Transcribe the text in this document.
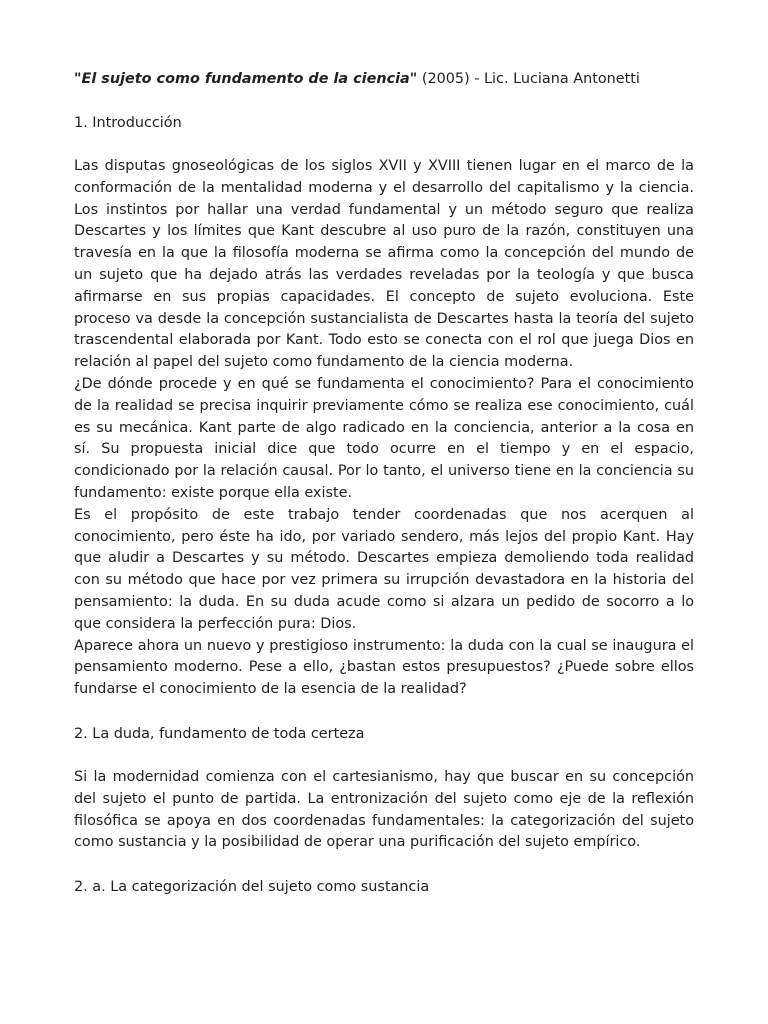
"El sujeto como fundamento de la ciencia" (2005) - Lic. Luciana Antonetti

1. Introducción

Las disputas gnoseológicas de los siglos XVII y XVIII tienen lugar en el marco de la conformación de la mentalidad moderna y el desarrollo del capitalismo y la ciencia. Los instintos por hallar una verdad fundamental y un método seguro que realiza Descartes y los límites que Kant descubre al uso puro de la razón, constituyen una travesía en la que la filosofía moderna se afirma como la concepción del mundo de un sujeto que ha dejado atrás las verdades reveladas por la teología y que busca afirmarse en sus propias capacidades. El concepto de sujeto evoluciona. Este proceso va desde la concepción sustancialista de Descartes hasta la teoría del sujeto trascendental elaborada por Kant. Todo esto se conecta con el rol que juega Dios en relación al papel del sujeto como fundamento de la ciencia moderna.

¿De dónde procede y en qué se fundamenta el conocimiento? Para el conocimiento de la realidad se precisa inquirir previamente cómo se realiza ese conocimiento, cuál es su mecánica. Kant parte de algo radicado en la conciencia, anterior a la cosa en sí. Su propuesta inicial dice que todo ocurre en el tiempo y en el espacio, condicionado por la relación causal. Por lo tanto, el universo tiene en la conciencia su fundamento: existe porque ella existe.

Es el propósito de este trabajo tender coordenadas que nos acerquen al conocimiento, pero éste ha ido, por variado sendero, más lejos del propio Kant. Hay que aludir a Descartes y su método. Descartes empieza demoliendo toda realidad con su método que hace por vez primera su irrupción devastadora en la historia del pensamiento: la duda. En su duda acude como si alzara un pedido de socorro a lo que considera la perfección pura: Dios.

Aparece ahora un nuevo y prestigioso instrumento: la duda con la cual se inaugura el pensamiento moderno. Pese a ello, ¿bastan estos presupuestos? ¿Puede sobre ellos fundarse el conocimiento de la esencia de la realidad?

2. La duda, fundamento de toda certeza

Si la modernidad comienza con el cartesianismo, hay que buscar en su concepción del sujeto el punto de partida. La entronización del sujeto como eje de la reflexión filosófica se apoya en dos coordenadas fundamentales: la categorización del sujeto como sustancia y la posibilidad de operar una purificación del sujeto empírico.

2. a. La categorización del sujeto como sustancia
